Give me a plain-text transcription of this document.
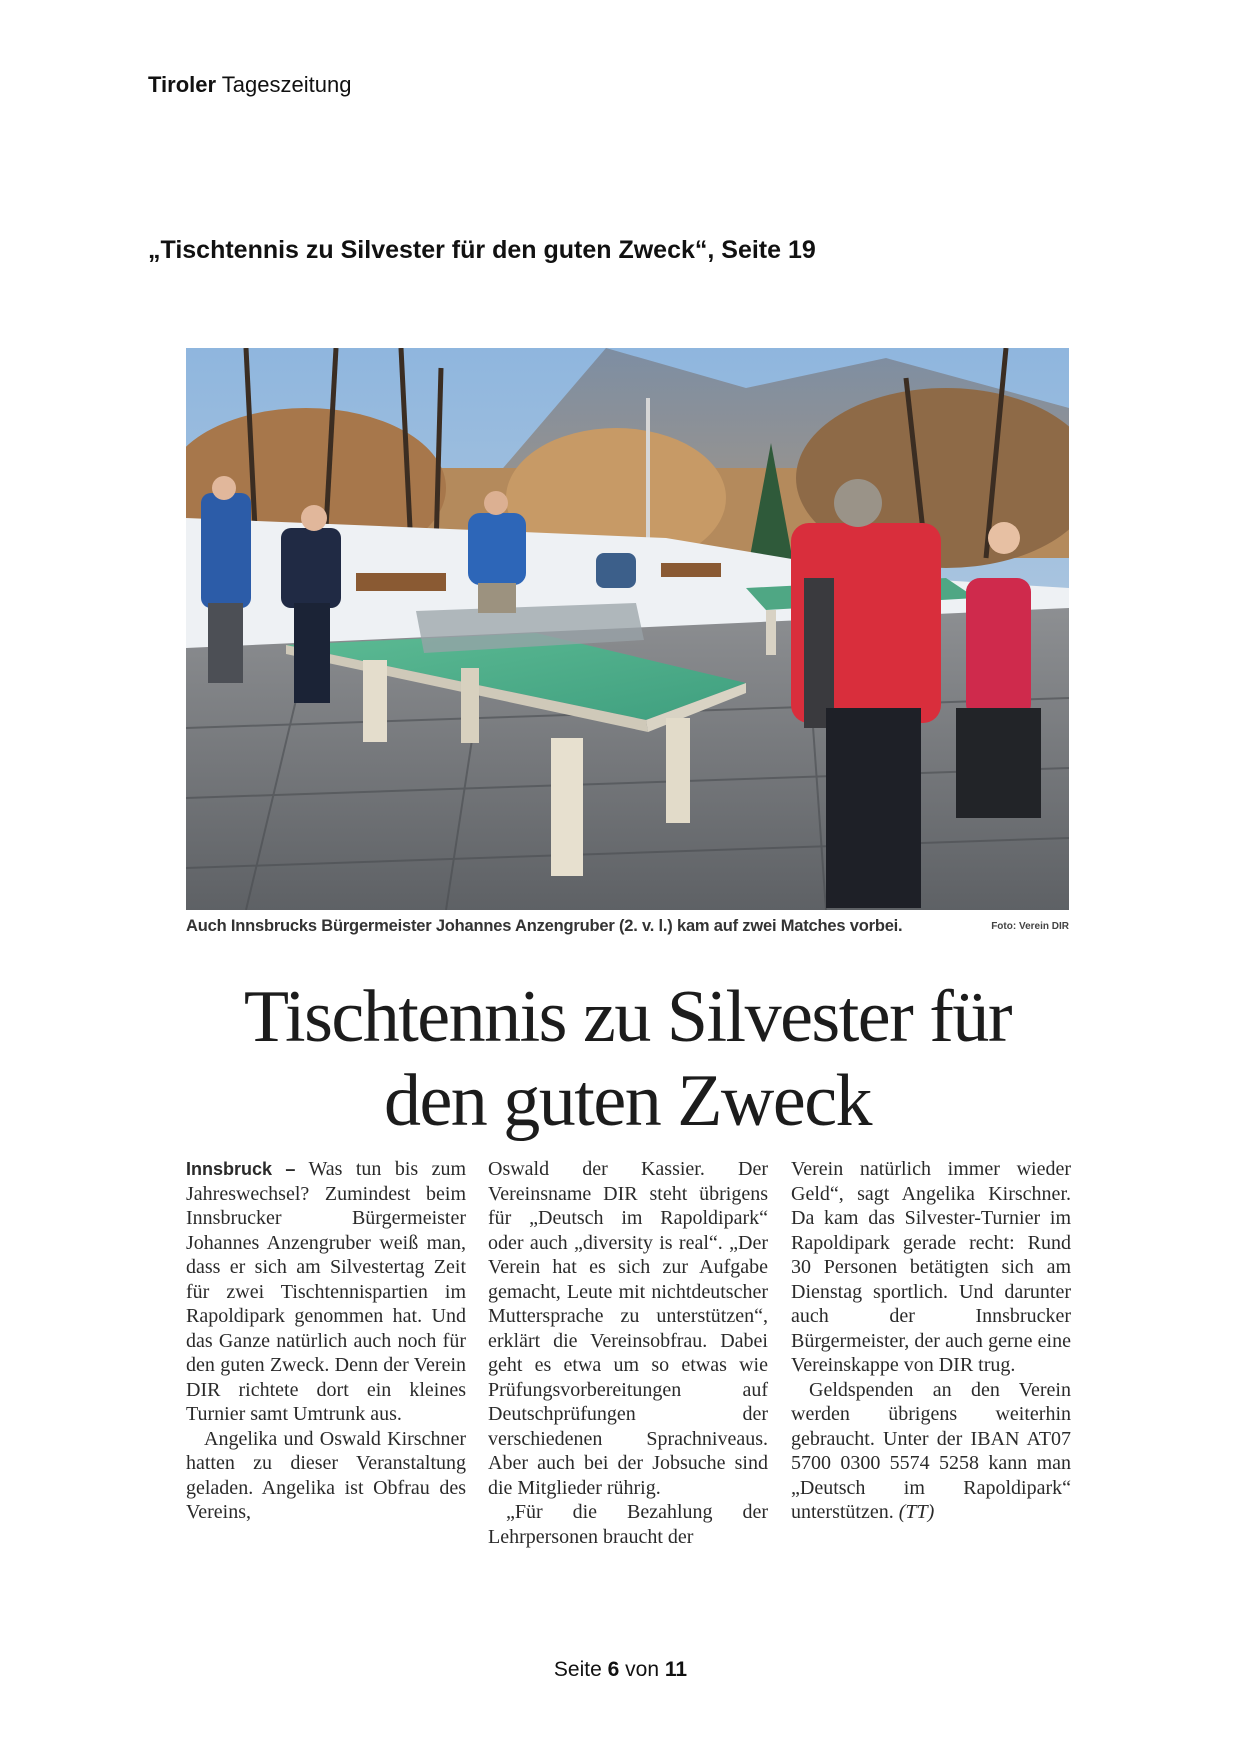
Tiroler Tageszeitung
„Tischtennis zu Silvester für den guten Zweck“, Seite 19
Auch Innsbrucks Bürgermeister Johannes Anzengruber (2. v. l.) kam auf zwei Matches vorbei.	Foto: Verein DIR
Tischtennis zu Silvester für
den guten Zweck

Innsbruck – Was tun bis zum Jahreswechsel? Zumindest beim Innsbrucker Bürgermeister Johannes Anzengruber weiß man, dass er sich am Silvestertag Zeit für zwei Tischtennispartien im Rapoldipark genommen hat. Und das Ganze natürlich auch noch für den guten Zweck. Denn der Verein DIR richtete dort ein kleines Turnier samt Umtrunk aus.

Angelika und Oswald Kirschner hatten zu dieser Veranstaltung geladen. Angelika ist Obfrau des Vereins,

Oswald der Kassier. Der Vereinsname DIR steht übrigens für „Deutsch im Rapoldipark“ oder auch „diversity is real“. „Der Verein hat es sich zur Aufgabe gemacht, Leute mit nichtdeutscher Muttersprache zu unterstützen“, erklärt die Vereinsobfrau. Dabei geht es etwa um so etwas wie Prüfungsvorbereitungen auf Deutschprüfungen der verschiedenen Sprachniveaus. Aber auch bei der Jobsuche sind die Mitglieder rührig.

„Für die Bezahlung der Lehrpersonen braucht der

Verein natürlich immer wieder Geld“, sagt Angelika Kirschner. Da kam das Silvester-Turnier im Rapoldipark gerade recht: Rund 30 Personen betätigten sich am Dienstag sportlich. Und darunter auch der Innsbrucker Bürgermeister, der auch gerne eine Vereinskappe von DIR trug.

Geldspenden an den Verein werden übrigens weiterhin gebraucht. Unter der IBAN AT07 5700 0300 5574 5258 kann man „Deutsch im Rapoldipark“ unterstützen. (TT)

Seite 6 von 11
